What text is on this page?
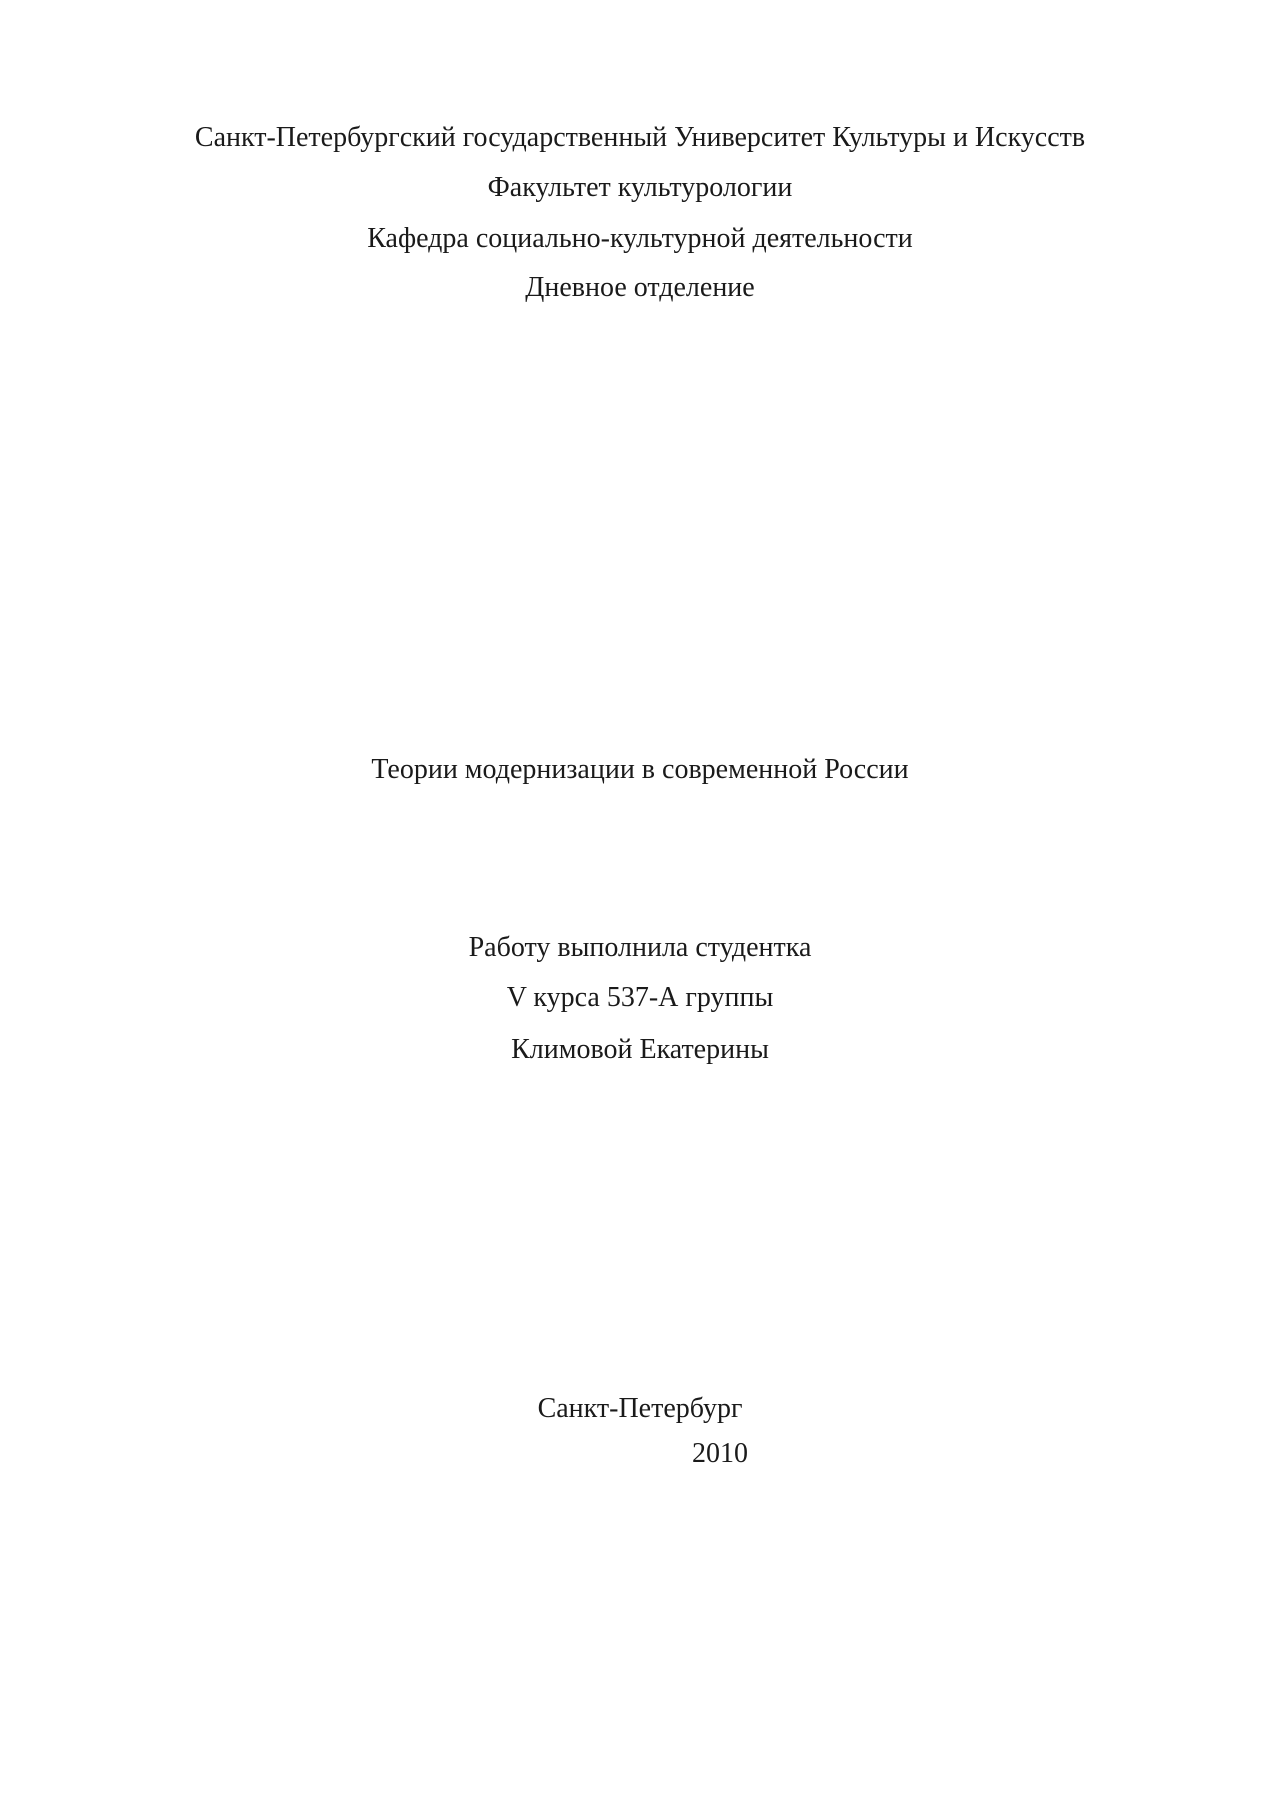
Санкт-Петербургский государственный Университет Культуры и Искусств
Факультет культурологии
Кафедра социально-культурной деятельности
Дневное отделение
Теории модернизации в современной России
Работу выполнила студентка
V курса 537-А группы
Климовой Екатерины
Санкт-Петербург
2010
